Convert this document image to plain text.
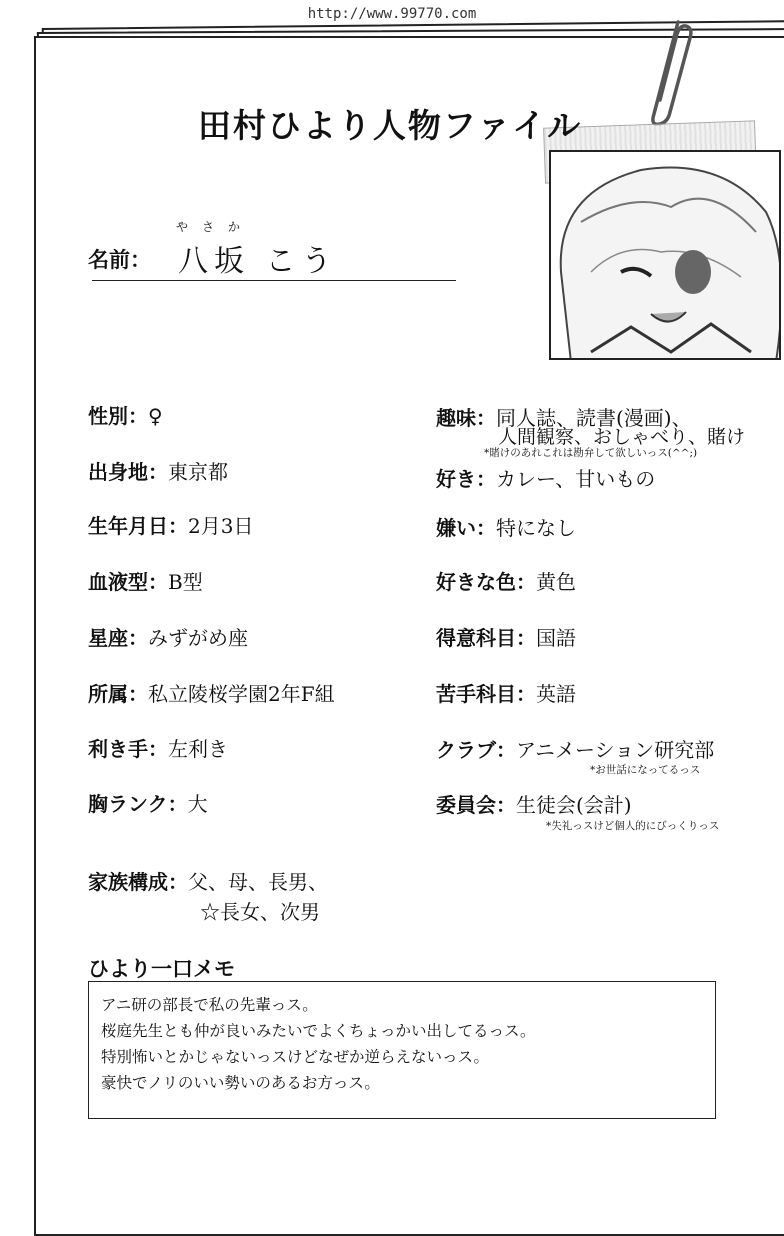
http://www.99770.com
田村ひより人物ファイル
やさか
名前： 八坂 こう
性別：♀
出身地：東京都
生年月日：2月3日
血液型：B型
星座：みずがめ座
所属：私立陵桜学園2年F組
利き手：左利き
胸ランク：大
家族構成：父、母、長男、
☆長女、次男
趣味：同人誌、読書(漫画)、
人間観察、おしゃべり、賭け
*賭けのあれこれは勘弁して欲しいっス(^^;)
好き：カレー、甘いもの
嫌い：特になし
好きな色：黄色
得意科目：国語
苦手科目：英語
クラブ：アニメーション研究部
*お世話になってるっス
委員会：生徒会(会計)
*失礼っスけど個人的にびっくりっス
ひより一口メモ
アニ研の部長で私の先輩っス。
桜庭先生とも仲が良いみたいでよくちょっかい出してるっス。
特別怖いとかじゃないっスけどなぜか逆らえないっス。
豪快でノリのいい勢いのあるお方っス。
